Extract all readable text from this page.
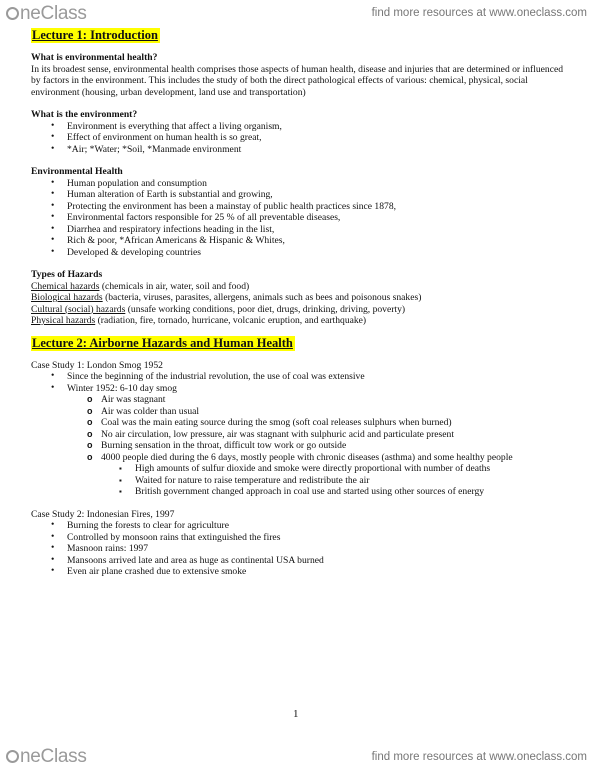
neClass	find more resources at www.oneclass.com
Lecture 1: Introduction
What is environmental health?

In its broadest sense, environmental health comprises those aspects of human health, disease and injuries that are determined or influenced by factors in the environment. This includes the study of both the direct pathological effects of various: chemical, physical, social environment (housing, urban development, land use and transportation)

What is the environment?
• Environment is everything that affect a living organism,
• Effect of environment on human health is so great,
• *Air; *Water; *Soil, *Manmade environment
Environmental Health
• Human population and consumption
• Human alteration of Earth is substantial and growing,
• Protecting the environment has been a mainstay of public health practices since 1878,
• Environmental factors responsible for 25 % of all preventable diseases,
• Diarrhea and respiratory infections heading in the list,
• Rich & poor, *African Americans & Hispanic & Whites,
• Developed & developing countries
Types of Hazards
Chemical hazards (chemicals in air, water, soil and food)
Biological hazards (bacteria, viruses, parasites, allergens, animals such as bees and poisonous snakes)
Cultural (social) hazards (unsafe working conditions, poor diet, drugs, drinking, driving, poverty)
Physical hazards (radiation, fire, tornado, hurricane, volcanic eruption, and earthquake)
Lecture 2: Airborne Hazards and Human Health
Case Study 1: London Smog 1952
• Since the beginning of the industrial revolution, the use of coal was extensive
• Winter 1952: 6-10 day smog
o Air was stagnant
o Air was colder than usual
o Coal was the main eating source during the smog (soft coal releases sulphurs when burned)
o No air circulation, low pressure, air was stagnant with sulphuric acid and particulate present
o Burning sensation in the throat, difficult tow work or go outside
o 4000 people died during the 6 days, mostly people with chronic diseases (asthma) and some healthy people
▪ High amounts of sulfur dioxide and smoke were directly proportional with number of deaths
▪ Waited for nature to raise temperature and redistribute the air
▪ British government changed approach in coal use and started using other sources of energy
Case Study 2: Indonesian Fires, 1997
• Burning the forests to clear for agriculture
• Controlled by monsoon rains that extinguished the fires
• Masnoon rains: 1997
• Mansoons arrived late and area as huge as continental USA burned
• Even air plane crashed due to extensive smoke
1
neClass	find more resources at www.oneclass.com
